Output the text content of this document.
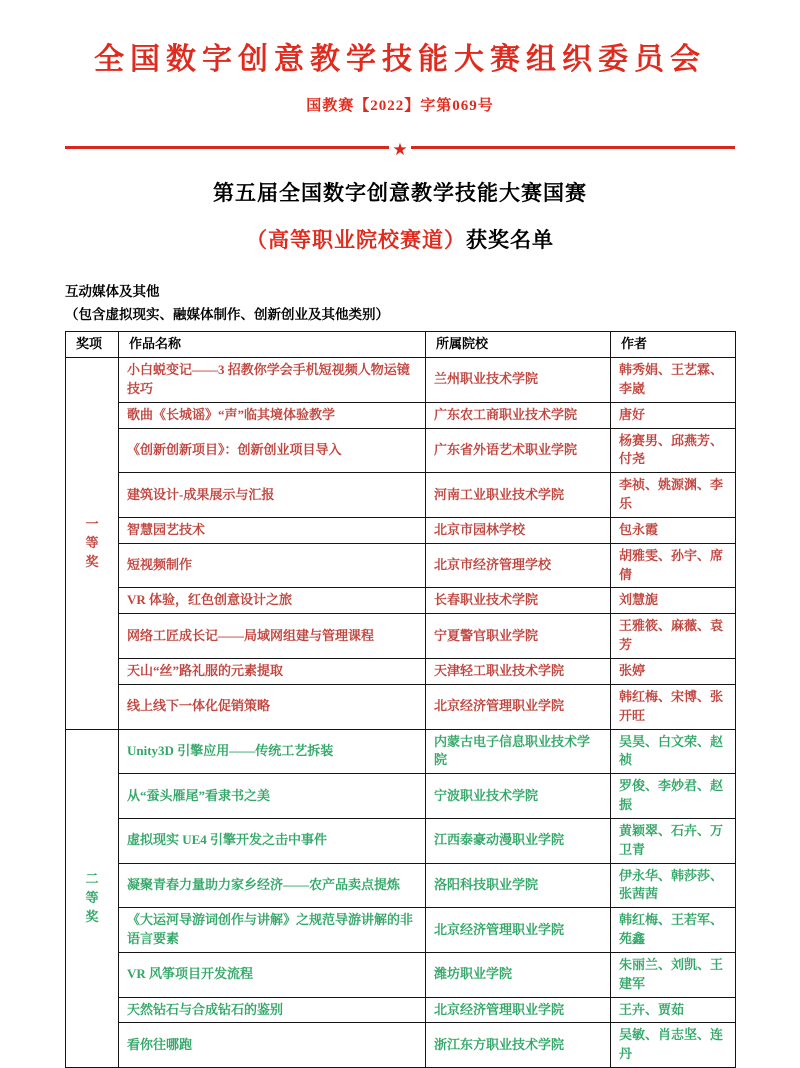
全国数字创意教学技能大赛组织委员会
国教赛【2022】字第069号
★
第五届全国数字创意教学技能大赛国赛
（高等职业院校赛道）获奖名单
互动媒体及其他
（包含虚拟现实、融媒体制作、创新创业及其他类别）
奖项	作品名称	所属院校	作者

一
等
奖	小白蜕变记——3 招教你学会手机短视频人物运镜技巧	兰州职业技术学院	韩秀娟、王艺霖、李崴
	歌曲《长城谣》“声”临其境体验教学	广东农工商职业技术学院	唐好
	《创新创新项目》：创新创业项目导入	广东省外语艺术职业学院	杨赛男、邱燕芳、付尧
	建筑设计-成果展示与汇报	河南工业职业技术学院	李祯、姚源渊、李乐
	智慧园艺技术	北京市园林学校	包永霞
	短视频制作	北京市经济管理学校	胡雅雯、孙宇、席倩
	VR 体验，红色创意设计之旅	长春职业技术学院	刘慧旎
	网络工匠成长记——局域网组建与管理课程	宁夏警官职业学院	王雅筱、麻薇、袁芳
	天山“丝”路礼服的元素提取	天津轻工职业技术学院	张婷
	线上线下一体化促销策略	北京经济管理职业学院	韩红梅、宋博、张开旺

二
等
奖	Unity3D 引擎应用——传统工艺拆装	内蒙古电子信息职业技术学院	吴昊、白文荣、赵祯
	从“蚕头雁尾”看隶书之美	宁波职业技术学院	罗俊、李妙君、赵振
	虚拟现实 UE4 引擎开发之击中事件	江西泰豪动漫职业学院	黄颖翠、石卉、万卫青
	凝聚青春力量助力家乡经济——农产品卖点提炼	洛阳科技职业学院	伊永华、韩莎莎、张茜茜
	《大运河导游词创作与讲解》之规范导游讲解的非语言要素	北京经济管理职业学院	韩红梅、王若军、苑鑫
	VR 风筝项目开发流程	潍坊职业学院	朱丽兰、刘凯、王建军
	天然钻石与合成钻石的鉴别	北京经济管理职业学院	王卉、贾茹
	看你往哪跑	浙江东方职业技术学院	吴敏、肖志坚、连丹
